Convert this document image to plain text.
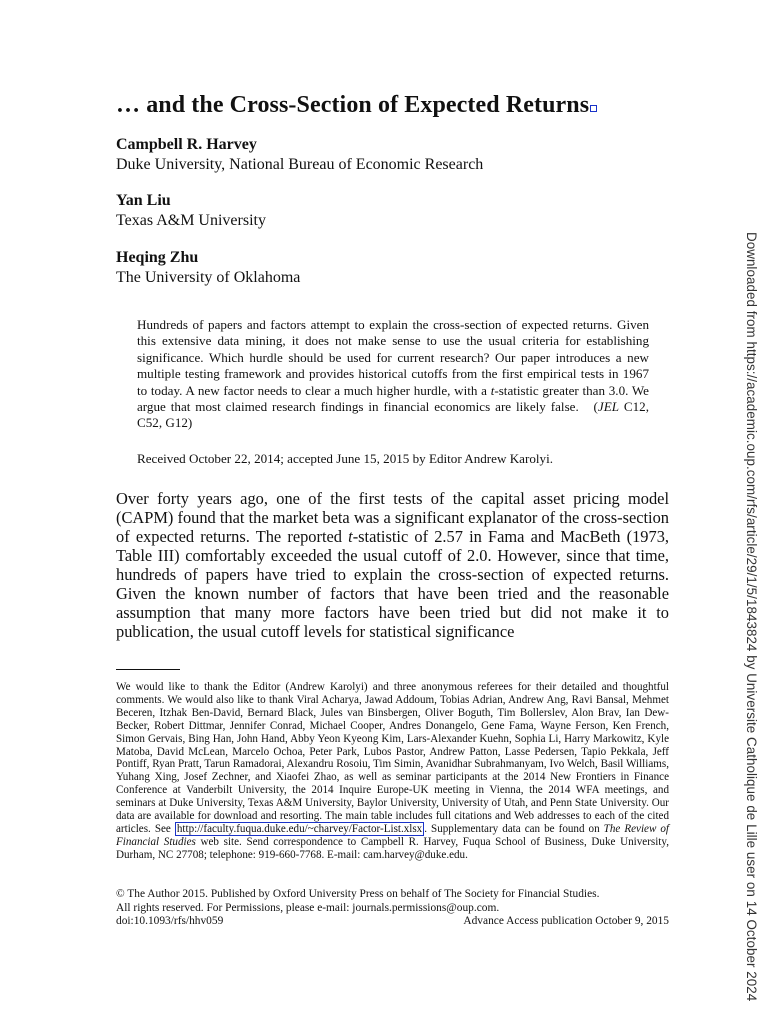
… and the Cross-Section of Expected Returns
Campbell R. Harvey
Duke University, National Bureau of Economic Research
Yan Liu
Texas A&M University
Heqing Zhu
The University of Oklahoma

Hundreds of papers and factors attempt to explain the cross-section of expected returns. Given this extensive data mining, it does not make sense to use the usual criteria for establishing significance. Which hurdle should be used for current research? Our paper introduces a new multiple testing framework and provides historical cutoffs from the first empirical tests in 1967 to today. A new factor needs to clear a much higher hurdle, with a t-statistic greater than 3.0. We argue that most claimed research findings in financial economics are likely false. (JEL C12, C52, G12)

Received October 22, 2014; accepted June 15, 2015 by Editor Andrew Karolyi.

Over forty years ago, one of the first tests of the capital asset pricing model (CAPM) found that the market beta was a significant explanator of the cross-section of expected returns. The reported t-statistic of 2.57 in Fama and MacBeth (1973, Table III) comfortably exceeded the usual cutoff of 2.0. However, since that time, hundreds of papers have tried to explain the cross-section of expected returns. Given the known number of factors that have been tried and the reasonable assumption that many more factors have been tried but did not make it to publication, the usual cutoff levels for statistical significance

We would like to thank the Editor (Andrew Karolyi) and three anonymous referees for their detailed and thoughtful comments. We would also like to thank Viral Acharya, Jawad Addoum, Tobias Adrian, Andrew Ang, Ravi Bansal, Mehmet Beceren, Itzhak Ben-David, Bernard Black, Jules van Binsbergen, Oliver Boguth, Tim Bollerslev, Alon Brav, Ian Dew-Becker, Robert Dittmar, Jennifer Conrad, Michael Cooper, Andres Donangelo, Gene Fama, Wayne Ferson, Ken French, Simon Gervais, Bing Han, John Hand, Abby Yeon Kyeong Kim, Lars-Alexander Kuehn, Sophia Li, Harry Markowitz, Kyle Matoba, David McLean, Marcelo Ochoa, Peter Park, Lubos Pastor, Andrew Patton, Lasse Pedersen, Tapio Pekkala, Jeff Pontiff, Ryan Pratt, Tarun Ramadorai, Alexandru Rosoiu, Tim Simin, Avanidhar Subrahmanyam, Ivo Welch, Basil Williams, Yuhang Xing, Josef Zechner, and Xiaofei Zhao, as well as seminar participants at the 2014 New Frontiers in Finance Conference at Vanderbilt University, the 2014 Inquire Europe-UK meeting in Vienna, the 2014 WFA meetings, and seminars at Duke University, Texas A&M University, Baylor University, University of Utah, and Penn State University. Our data are available for download and resorting. The main table includes full citations and Web addresses to each of the cited articles. See http://faculty.fuqua.duke.edu/~charvey/Factor-List.xlsx . Supplementary data can be found on The Review of Financial Studies web site. Send correspondence to Campbell R. Harvey, Fuqua School of Business, Duke University, Durham, NC 27708; telephone: 919-660-7768. E-mail: cam.harvey@duke.edu.

© The Author 2015. Published by Oxford University Press on behalf of The Society for Financial Studies.
All rights reserved. For Permissions, please e-mail: journals.permissions@oup.com.
doi:10.1093/rfs/hhv059	Advance Access publication October 9, 2015	Downloaded from https://academic.oup.com/rfs/article/29/1/5/1843824 by Universite Catholique de Lille user on 14 October 2024
